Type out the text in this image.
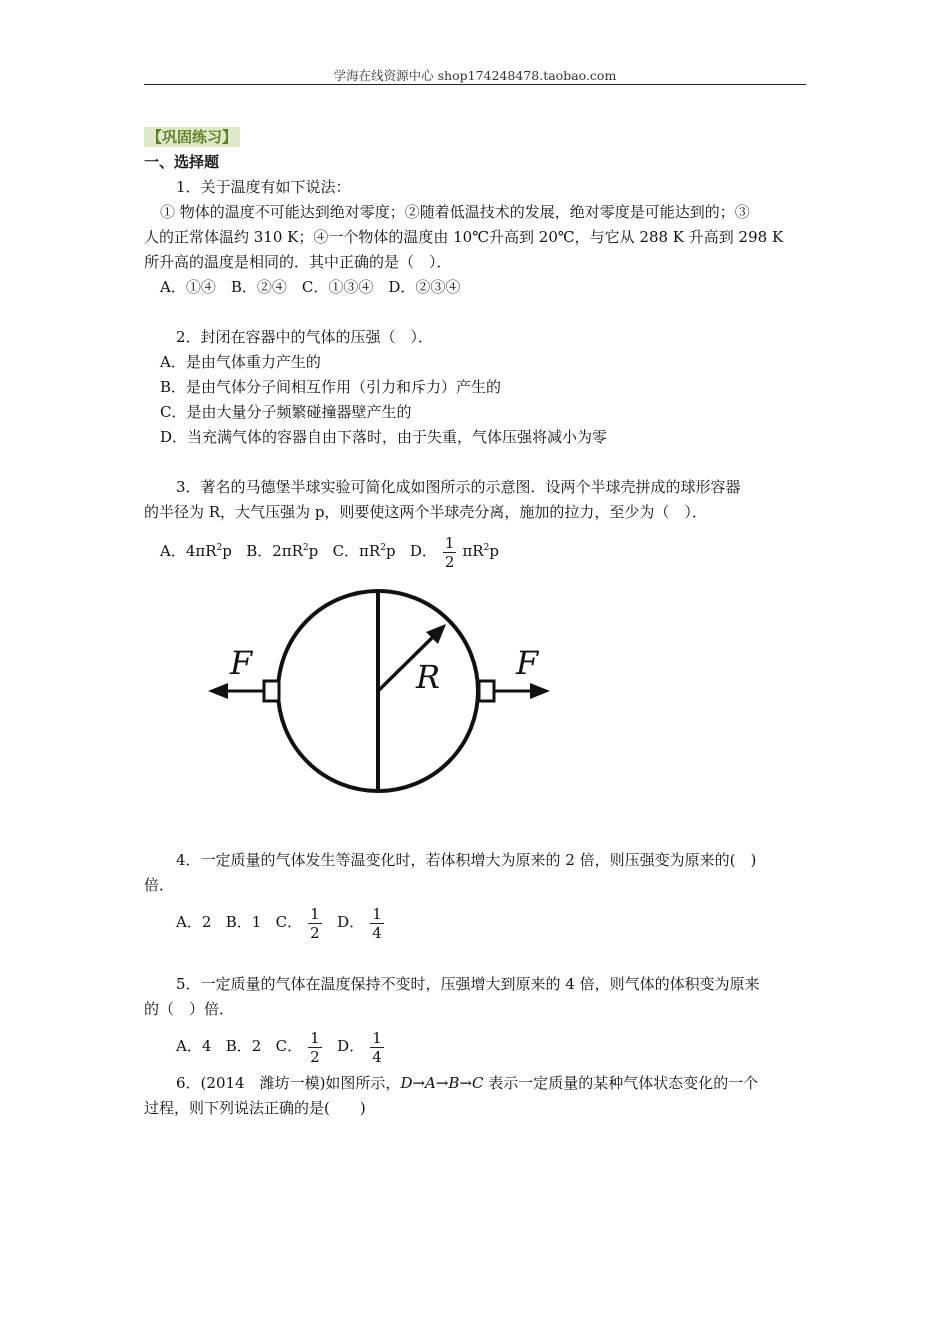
学海在线资源中心 shop174248478.taobao.com
【巩固练习】
一、选择题
1．关于温度有如下说法：
① 物体的温度不可能达到绝对零度；②随着低温技术的发展，绝对零度是可能达到的；③
人的正常体温约 310 K；④一个物体的温度由 10℃升高到 20℃，与它从 288 K 升高到 298 K
所升高的温度是相同的．其中正确的是（　）．
A．①④　B．②④　C．①③④　D．②③④
2．封闭在容器中的气体的压强（　）．
A．是由气体重力产生的
B．是由气体分子间相互作用（引力和斥力）产生的
C．是由大量分子频繁碰撞器壁产生的
D．当充满气体的容器自由下落时，由于失重，气体压强将减小为零
3．著名的马德堡半球实验可简化成如图所示的示意图．设两个半球壳拼成的球形容器
的半径为 R，大气压强为 p，则要使这两个半球壳分离，施加的拉力，至少为（　）．
A．$4\pi R^2p$ B．$2\pi R^2p$ C．$\pi R^2p$ D． $\frac{1}{2} \pi R^2p$
R
F	F
4．一定质量的气体发生等温变化时，若体积增大为原来的 2 倍，则压强变为原来的(　)
倍．
A．2 B．1 C． $\frac{1}{2}$ D． $\frac{1}{4}$
5．一定质量的气体在温度保持不变时，压强增大到原来的 4 倍，则气体的体积变为原来
的（　）倍．
A．4 B．2 C． $\frac{1}{2}$ D． $\frac{1}{4}$
6．(2014　潍坊一模)如图所示，D→A→B→C 表示一定质量的某种气体状态变化的一个
过程，则下列说法正确的是(　　)
